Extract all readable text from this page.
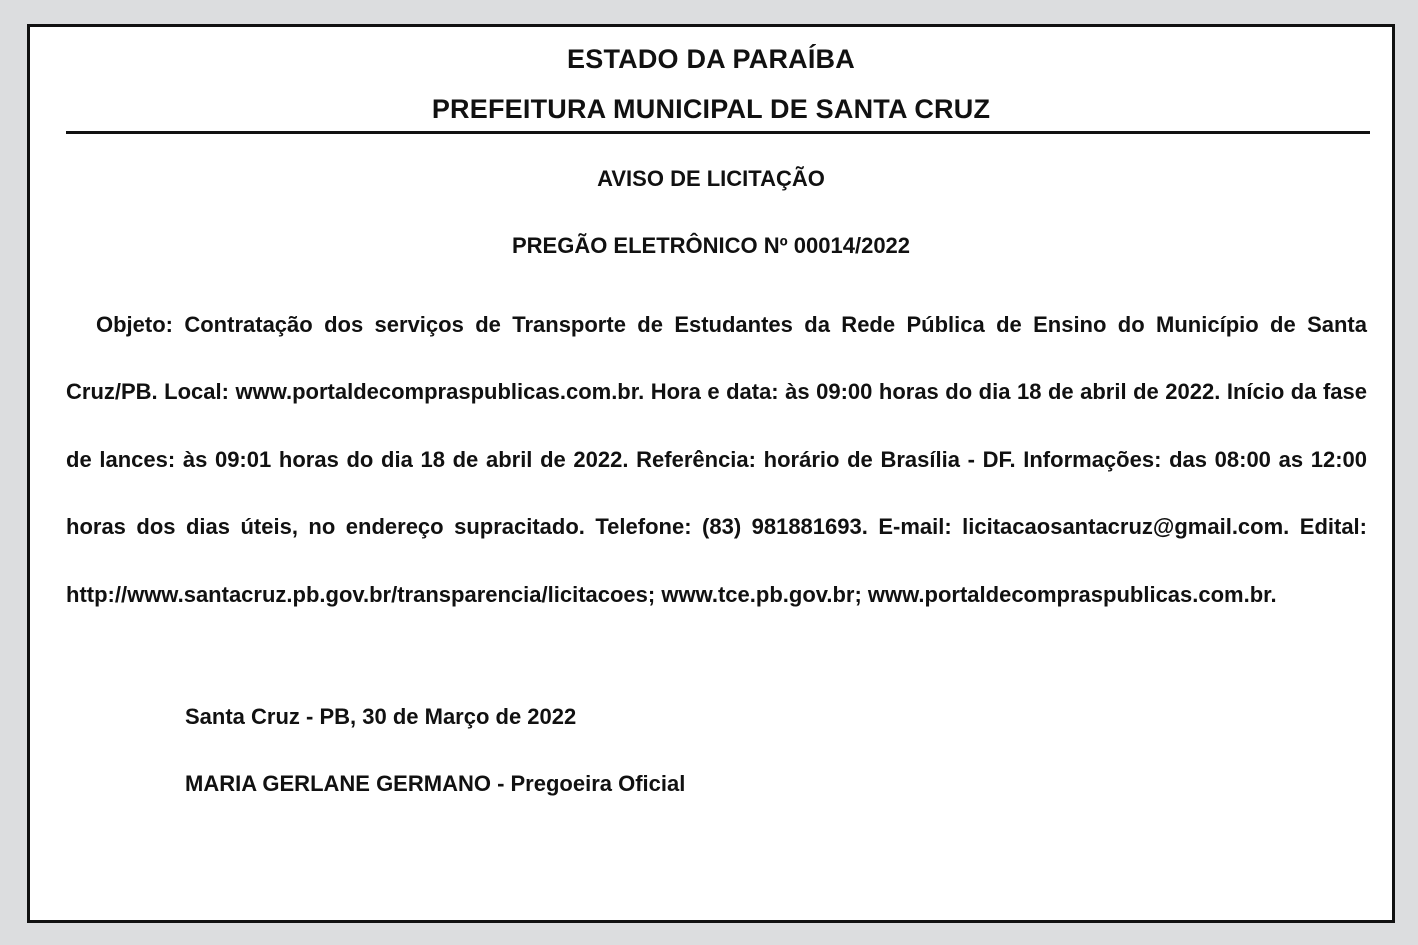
ESTADO DA PARAÍBA
PREFEITURA MUNICIPAL DE SANTA CRUZ
AVISO DE LICITAÇÃO
PREGÃO ELETRÔNICO Nº 00014/2022

Objeto: Contratação dos serviços de Transporte de Estudantes da Rede Pública de Ensino do Município de Santa Cruz/PB. Local: www.portaldecompraspublicas.com.br. Hora e data: às 09:00 horas do dia 18 de abril de 2022. Início da fase de lances: às 09:01 horas do dia 18 de abril de 2022. Referência: horário de Brasília - DF. Informações: das 08:00 as 12:00 horas dos dias úteis, no endereço supracitado. Telefone: (83) 981881693. E-mail: licitacaosantacruz@gmail.com. Edital: http://www.santacruz.pb.gov.br/transparencia/licitacoes; www.tce.pb.gov.br; www.portaldecompraspublicas.com.br.

Santa Cruz - PB, 30 de Março de 2022
MARIA GERLANE GERMANO - Pregoeira Oficial
